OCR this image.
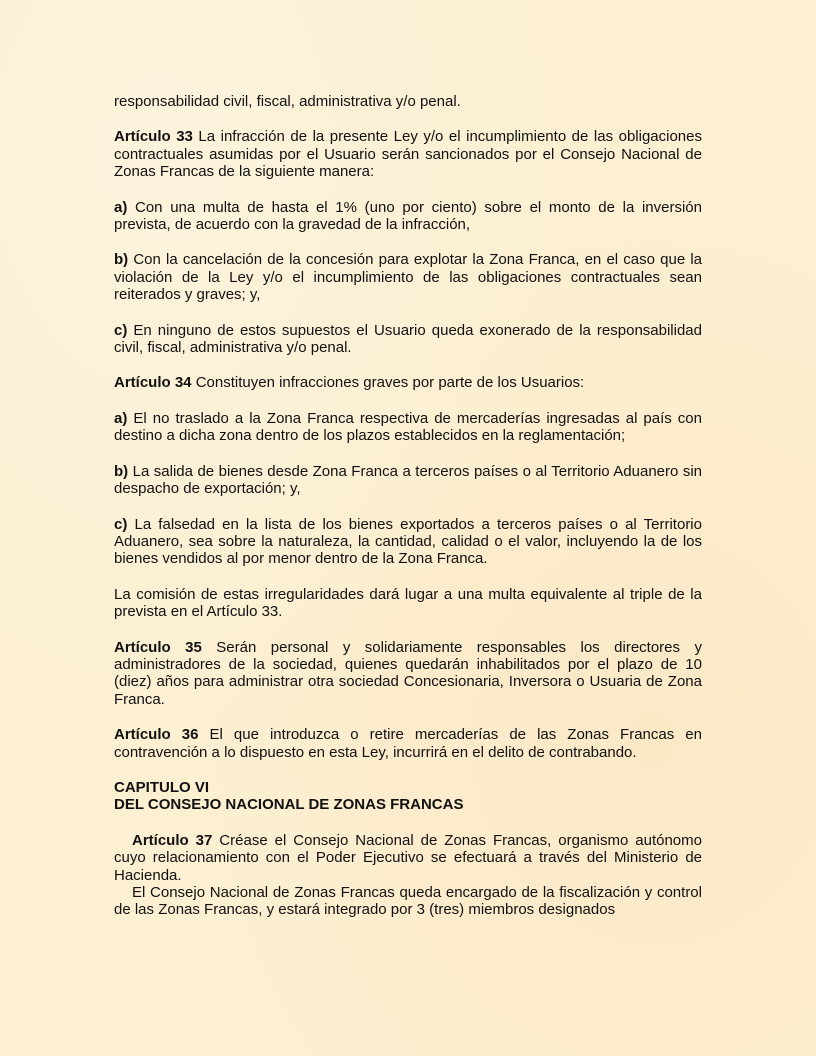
responsabilidad civil, fiscal, administrativa y/o penal.

Artículo 33 La infracción de la presente Ley y/o el incumplimiento de las obligaciones contractuales asumidas por el Usuario serán sancionados por el Consejo Nacional de Zonas Francas de la siguiente manera:

a) Con una multa de hasta el 1% (uno por ciento) sobre el monto de la inversión prevista, de acuerdo con la gravedad de la infracción,

b) Con la cancelación de la concesión para explotar la Zona Franca, en el caso que la violación de la Ley y/o el incumplimiento de las obligaciones contractuales sean reiterados y graves; y,

c) En ninguno de estos supuestos el Usuario queda exonerado de la responsabilidad civil, fiscal, administrativa y/o penal.

Artículo 34 Constituyen infracciones graves por parte de los Usuarios:

a) El no traslado a la Zona Franca respectiva de mercaderías ingresadas al país con destino a dicha zona dentro de los plazos establecidos en la reglamentación;

b) La salida de bienes desde Zona Franca a terceros países o al Territorio Aduanero sin despacho de exportación; y,

c) La falsedad en la lista de los bienes exportados a terceros países o al Territorio Aduanero, sea sobre la naturaleza, la cantidad, calidad o el valor, incluyendo la de los bienes vendidos al por menor dentro de la Zona Franca.

La comisión de estas irregularidades dará lugar a una multa equivalente al triple de la prevista en el Artículo 33.

Artículo 35 Serán personal y solidariamente responsables los directores y administradores de la sociedad, quienes quedarán inhabilitados por el plazo de 10 (diez) años para administrar otra sociedad Concesionaria, Inversora o Usuaria de Zona Franca.

Artículo 36 El que introduzca o retire mercaderías de las Zonas Francas en contravención a lo dispuesto en esta Ley, incurrirá en el delito de contrabando.

CAPITULO VI
DEL CONSEJO NACIONAL DE ZONAS FRANCAS

Artículo 37 Créase el Consejo Nacional de Zonas Francas, organismo autónomo cuyo relacionamiento con el Poder Ejecutivo se efectuará a través del Ministerio de Hacienda.

El Consejo Nacional de Zonas Francas queda encargado de la fiscalización y control de las Zonas Francas, y estará integrado por 3 (tres) miembros designados
